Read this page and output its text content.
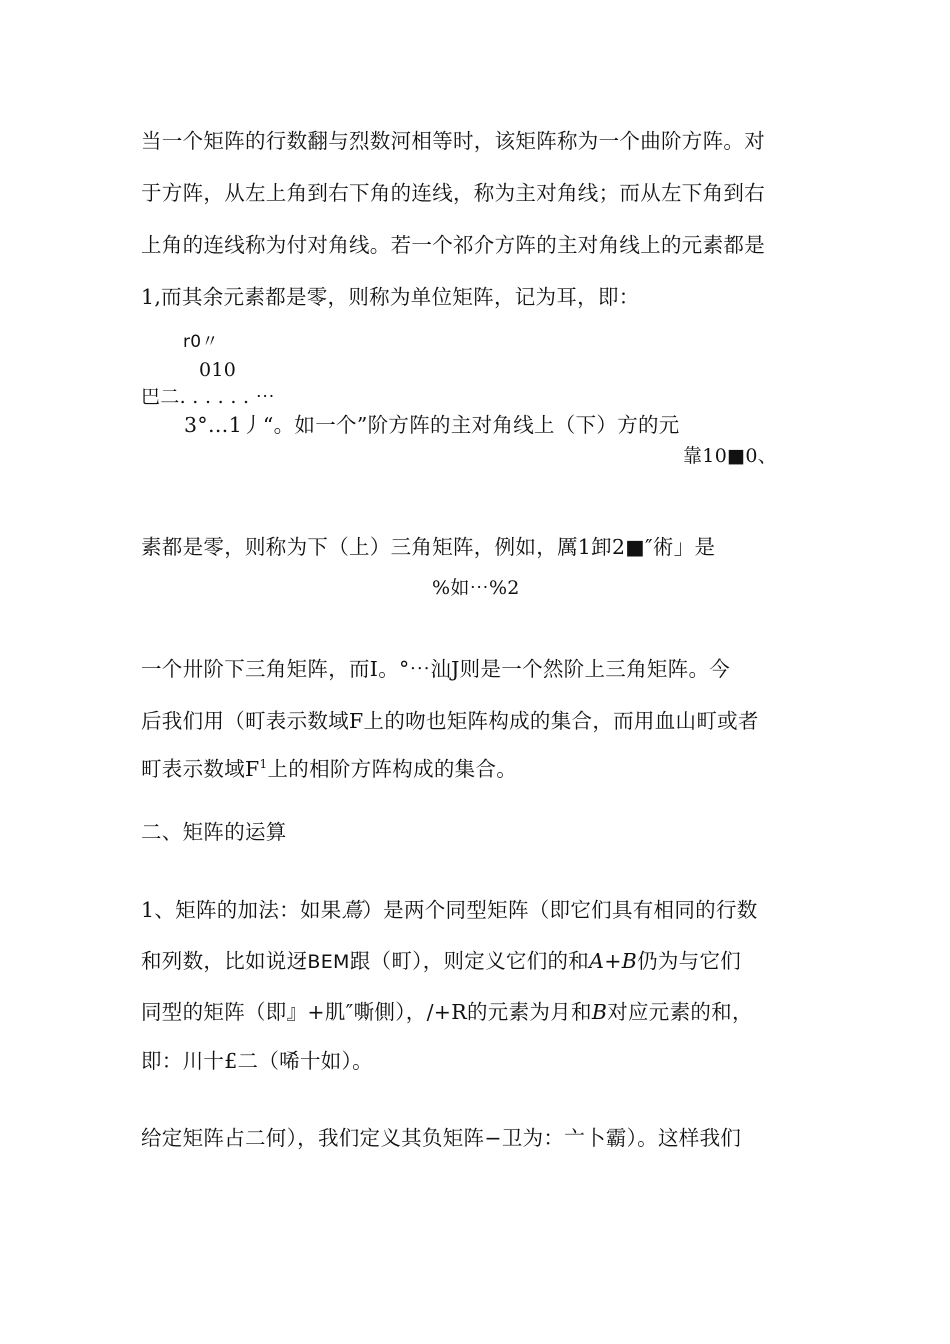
当一个矩阵的行数翻与烈数河相等时，该矩阵称为一个曲阶方阵。对
于方阵，从左上角到右下角的连线，称为主对角线；而从左下角到右
上角的连线称为付对角线。若一个祁介方阵的主对角线上的元素都是
1,而其余元素都是零，则称为单位矩阵，记为耳，即：
r0〃
010
巴二. . . . . . ⋯
3°…1丿“。如一个”阶方阵的主对角线上（下）方的元
靠10■0、
素都是零，则称为下（上）三角矩阵，例如，厲1卸2■″術」是
%如⋯%2
一个卅阶下三角矩阵，而I。°⋯汕J则是一个然阶上三角矩阵。今
后我们用（町表示数域F上的吻也矩阵构成的集合，而用血山町或者
町表示数域$F^1$上的相阶方阵构成的集合。
二、矩阵的运算
1、矩阵的加法：如果蔦）是两个同型矩阵（即它们具有相同的行数
和列数，比如说迓BEM跟（町），则定义它们的和A+B仍为与它们
同型的矩阵（即』+肌″嘶側），/+R的元素为月和B对应元素的和，
即：川十£二（唏十如）。
给定矩阵占二何），我们定义其负矩阵−卫为：亠卜霸）。这样我们
